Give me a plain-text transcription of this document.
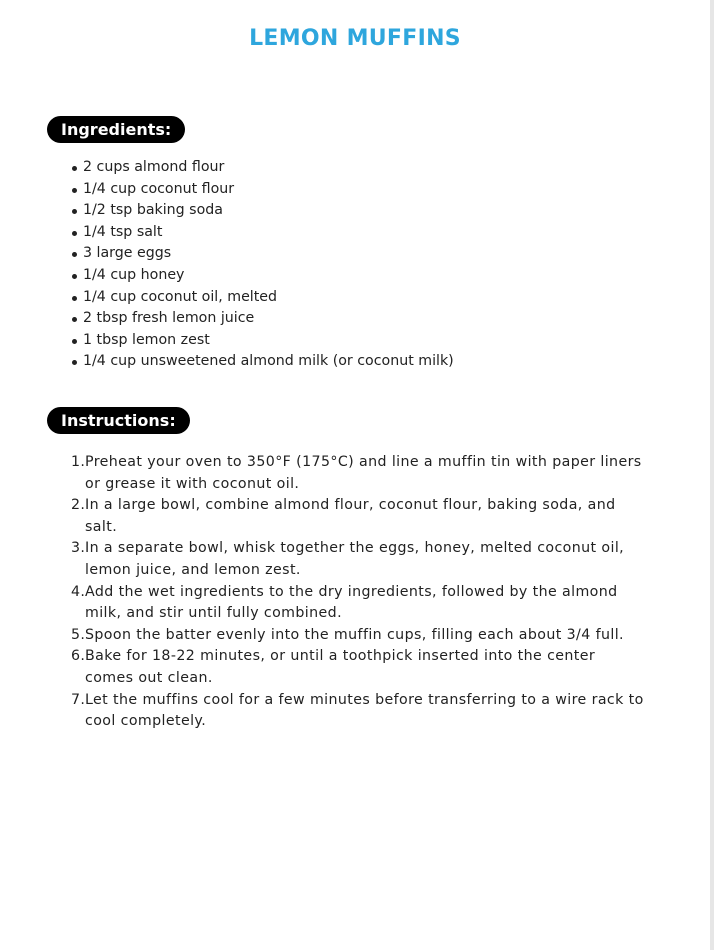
LEMON MUFFINS
Ingredients:
2 cups almond flour
1/4 cup coconut flour
1/2 tsp baking soda
1/4 tsp salt
3 large eggs
1/4 cup honey
1/4 cup coconut oil, melted
2 tbsp fresh lemon juice
1 tbsp lemon zest
1/4 cup unsweetened almond milk (or coconut milk)
Instructions:
1. Preheat your oven to 350°F (175°C) and line a muffin tin with paper liners or grease it with coconut oil.
2. In a large bowl, combine almond flour, coconut flour, baking soda, and salt.
3. In a separate bowl, whisk together the eggs, honey, melted coconut oil, lemon juice, and lemon zest.
4. Add the wet ingredients to the dry ingredients, followed by the almond milk, and stir until fully combined.
5. Spoon the batter evenly into the muffin cups, filling each about 3/4 full.
6. Bake for 18-22 minutes, or until a toothpick inserted into the center comes out clean.
7. Let the muffins cool for a few minutes before transferring to a wire rack to cool completely.
